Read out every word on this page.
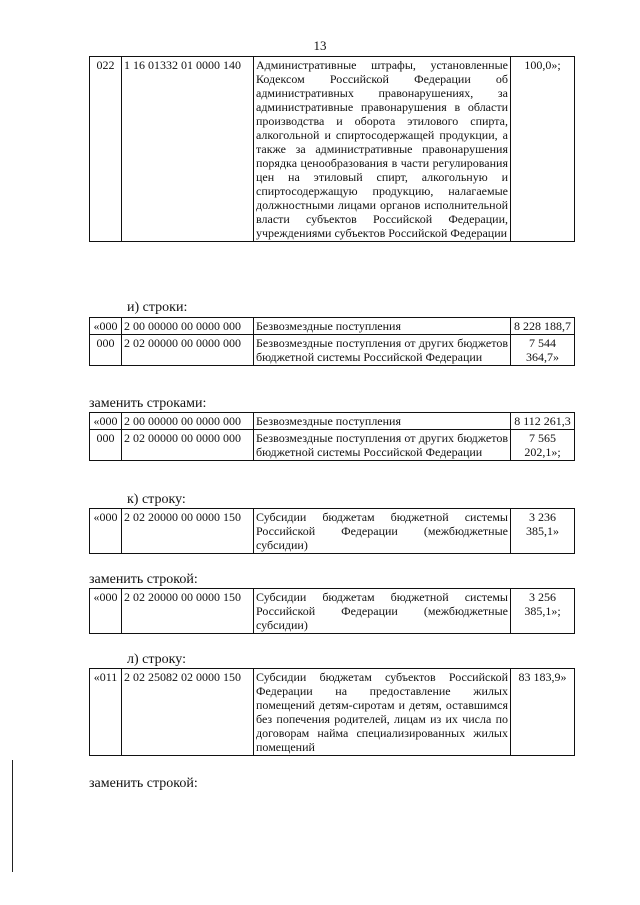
13
022	1 16 01332 01 0000 140	Административные штрафы, установленные Кодексом Российской Федерации об административных правонарушениях, за административные правонарушения в области производства и оборота этилового спирта, алкогольной и спиртосодержащей продукции, а также за административные правонарушения порядка ценообразования в части регулирования цен на этиловый спирт, алкогольную и спиртосодержащую продукцию, налагаемые должностными лицами органов исполнительной власти субъектов Российской Федерации, учреждениями субъектов Российской Федерации	100,0»;
и) строки:
«000	2 00 00000 00 0000 000	Безвозмездные поступления	8 228 188,7
000	2 02 00000 00 0000 000	Безвозмездные поступления от других бюджетов бюджетной системы Российской Федерации	7 544 364,7»
заменить строками:
«000	2 00 00000 00 0000 000	Безвозмездные поступления	8 112 261,3
000	2 02 00000 00 0000 000	Безвозмездные поступления от других бюджетов бюджетной системы Российской Федерации	7 565 202,1»;
к) строку:
«000	2 02 20000 00 0000 150	Субсидии бюджетам бюджетной системы Российской Федерации (межбюджетные субсидии)	3 236 385,1»
заменить строкой:
«000	2 02 20000 00 0000 150	Субсидии бюджетам бюджетной системы Российской Федерации (межбюджетные субсидии)	3 256 385,1»;
л) строку:
«011	2 02 25082 02 0000 150	Субсидии бюджетам субъектов Российской Федерации на предоставление жилых помещений детям-сиротам и детям, оставшимся без попечения родителей, лицам из их числа по договорам найма специализированных жилых помещений	83 183,9»
заменить строкой:
